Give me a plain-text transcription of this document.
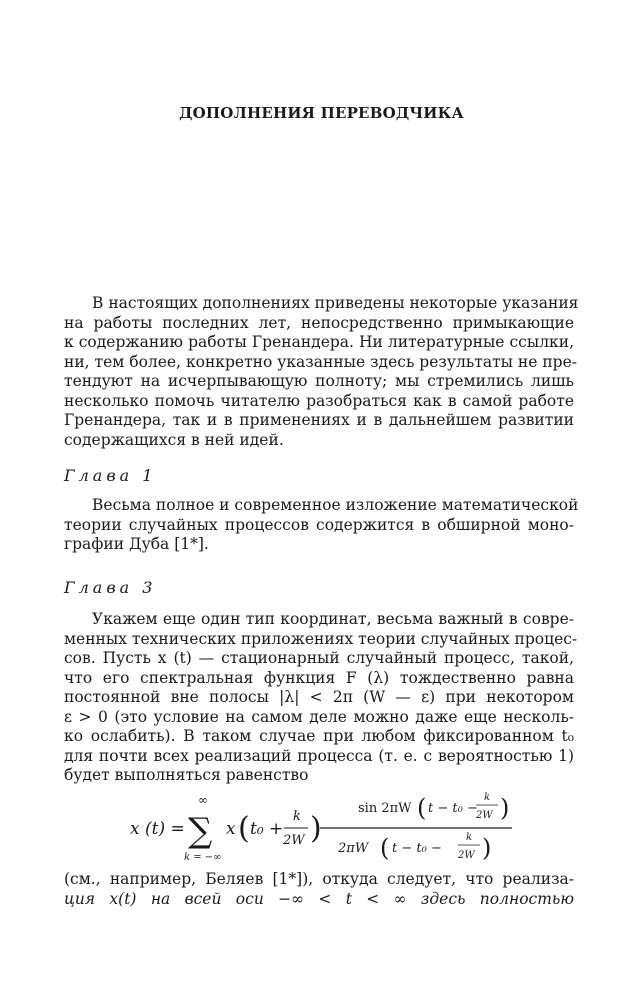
ДОПОЛНЕНИЯ ПЕРЕВОДЧИКА
В настоящих дополнениях приведены некоторые указания
на работы последних лет, непосредственно примыкающие
к содержанию работы Гренандера. Ни литературные ссылки,
ни, тем более, конкретно указанные здесь результаты не пре-
тендуют на исчерпывающую полноту; мы стремились лишь
несколько помочь читателю разобраться как в самой работе
Гренандера, так и в применениях и в дальнейшем развитии
содержащихся в ней идей.
Глава 1
Весьма полное и современное изложение математической
теории случайных процессов содержится в обширной моно-
графии Дуба [1*].
Глава 3
Укажем еще один тип координат, весьма важный в совре-
менных технических приложениях теории случайных процес-
сов. Пусть x (t) — стационарный случайный процесс, такой,
что его спектральная функция F (λ) тождественно равна
постоянной вне полосы |λ| < 2π (W — ε) при некотором
ε > 0 (это условие на самом деле можно даже еще несколь-
ко ослабить). В таком случае при любом фиксированном t₀
для почти всех реализаций процесса (т. е. с вероятностью 1)
будет выполняться равенство
x (t) =
∞
∑
k = −∞
x ( t₀ +
k
2W )
sin 2πW ( t − t₀ −
k
2W )
2πW ( t − t₀ −
k
2W )
(см., например, Беляев [1*]), откуда следует, что реализа-
ция x(t) на всей оси −∞ < t < ∞ здесь полностью
